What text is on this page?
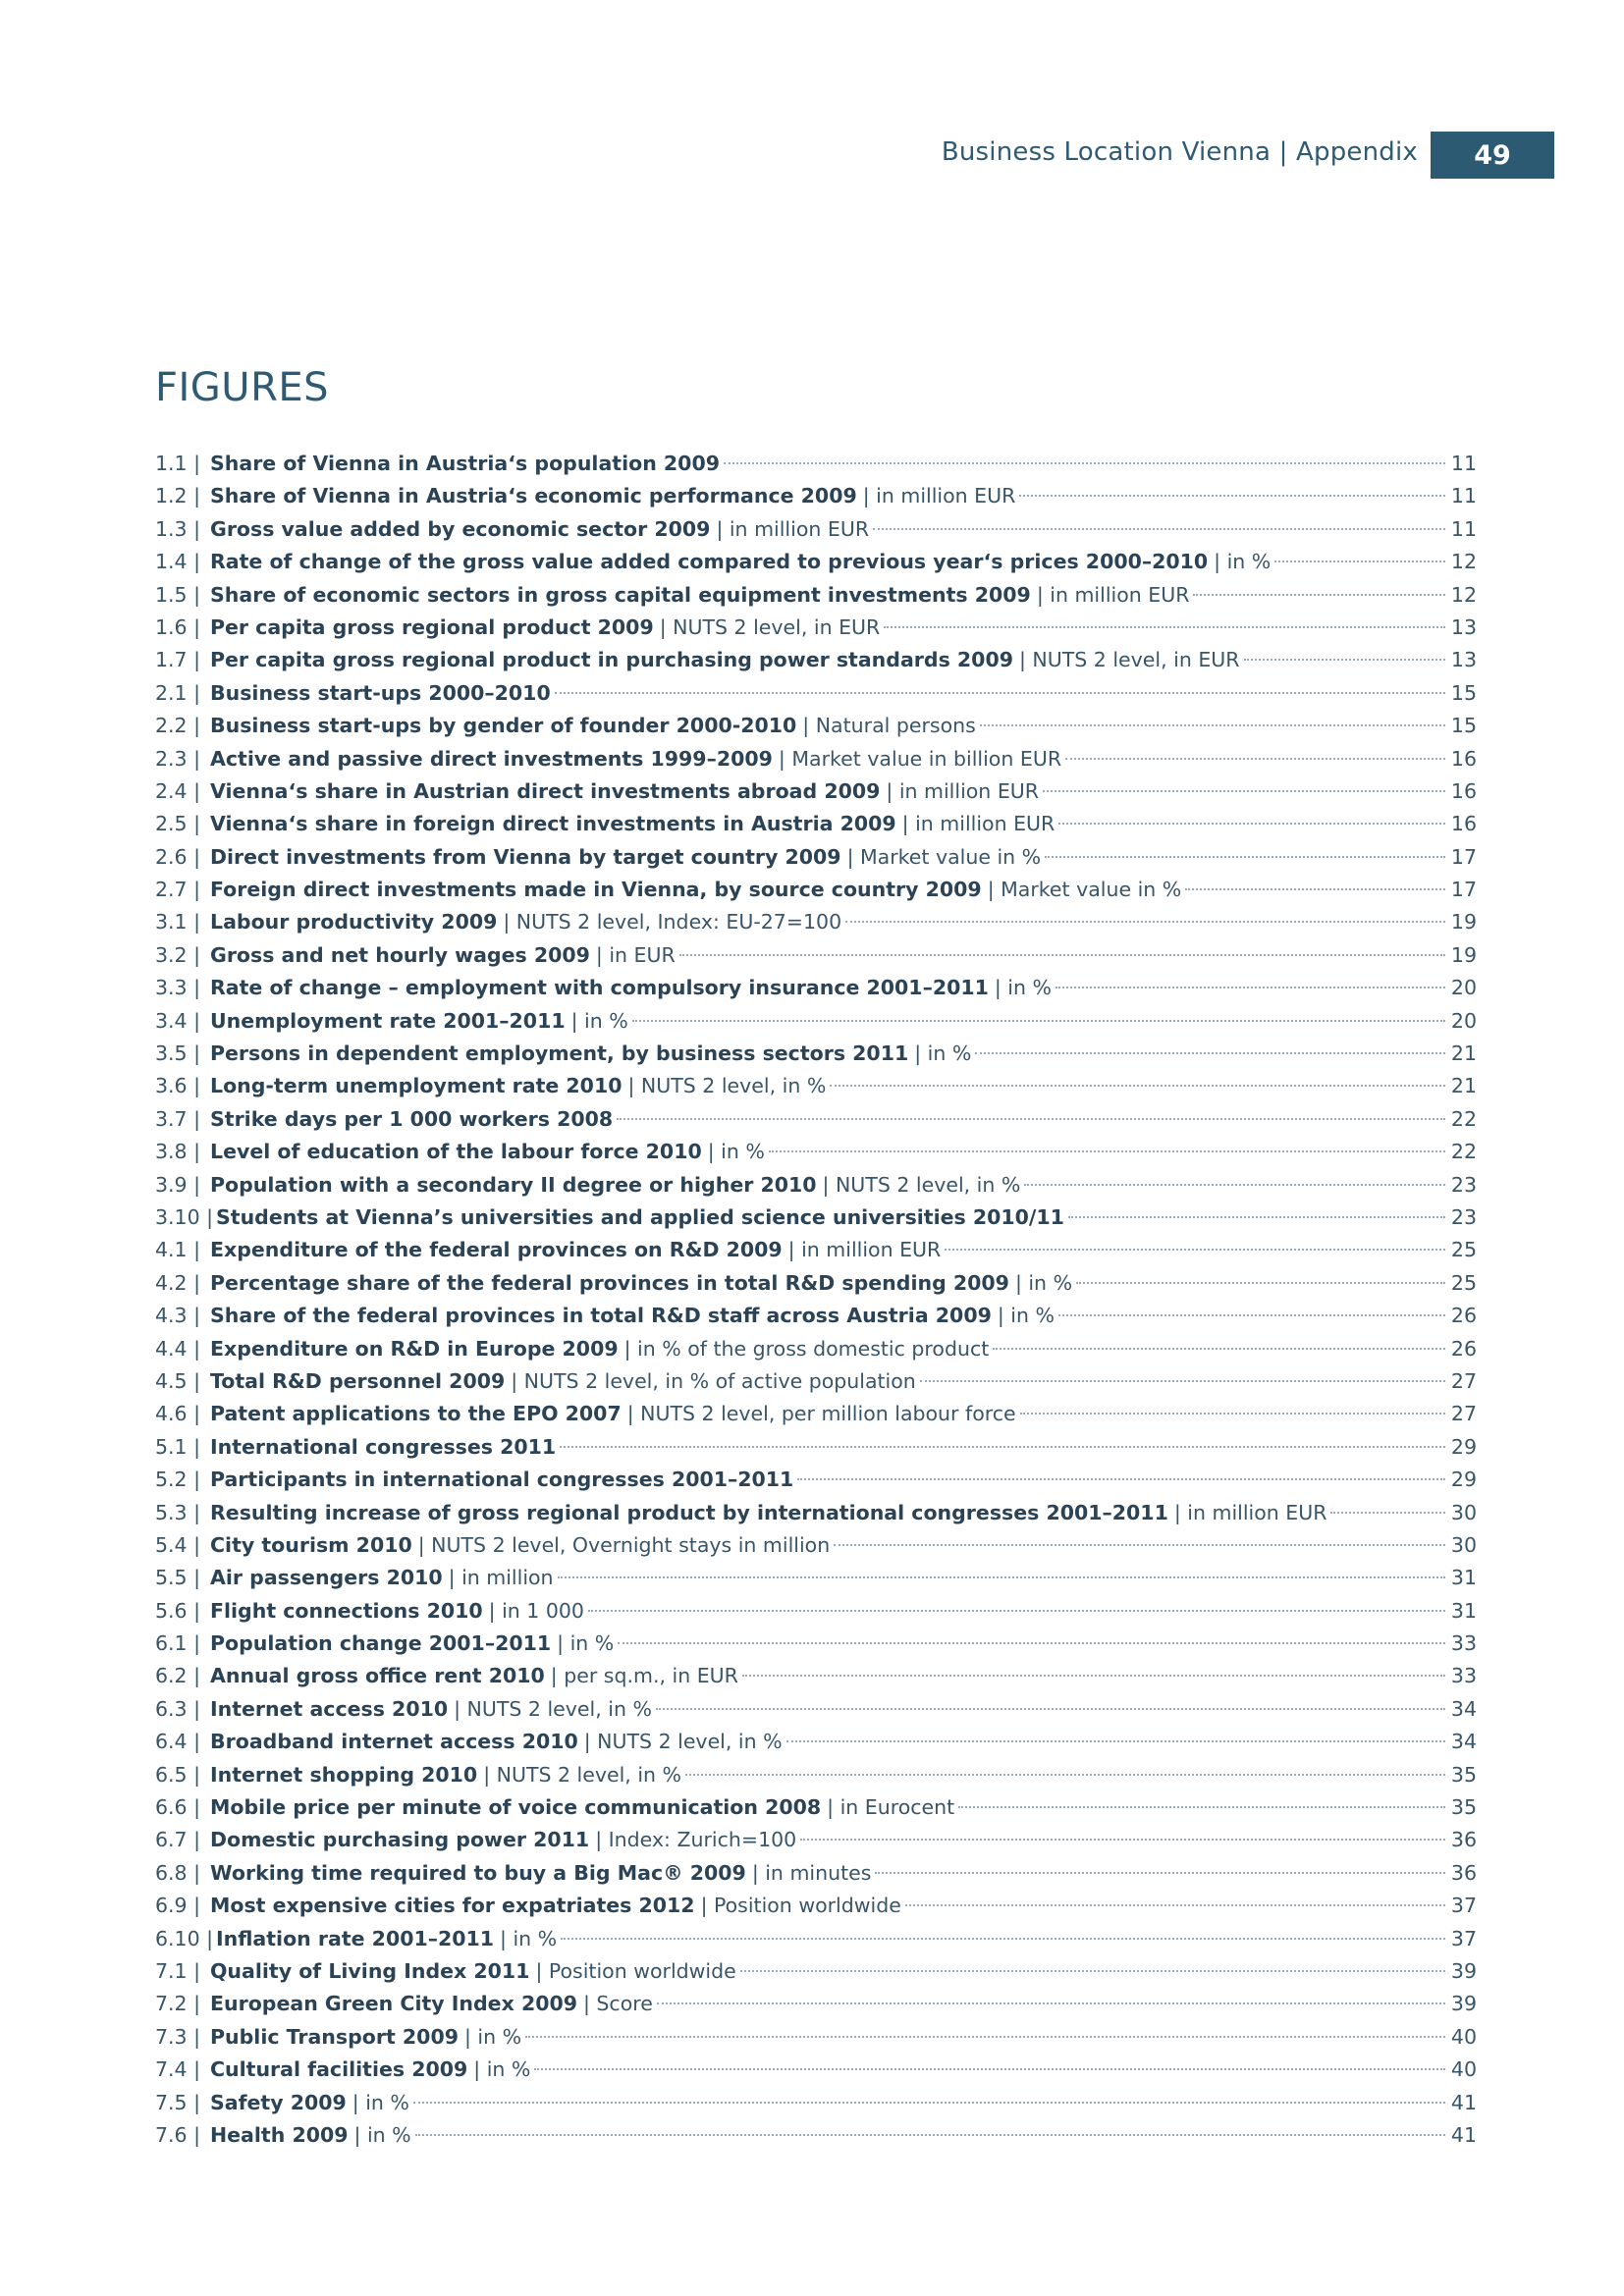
Business Location Vienna | Appendix 49
FIGURES
1.1 | Share of Vienna in Austria‘s population 2009	11
1.2 | Share of Vienna in Austria‘s economic performance 2009 | in million EUR	11
1.3 | Gross value added by economic sector 2009 | in million EUR	11
1.4 | Rate of change of the gross value added compared to previous year‘s prices 2000–2010 | in %	12
1.5 | Share of economic sectors in gross capital equipment investments 2009 | in million EUR	12
1.6 | Per capita gross regional product 2009 | NUTS 2 level, in EUR	13
1.7 | Per capita gross regional product in purchasing power standards 2009 | NUTS 2 level, in EUR	13
2.1 | Business start-ups 2000–2010	15
2.2 | Business start-ups by gender of founder 2000-2010 | Natural persons	15
2.3 | Active and passive direct investments 1999–2009 | Market value in billion EUR	16
2.4 | Vienna‘s share in Austrian direct investments abroad 2009 | in million EUR	16
2.5 | Vienna‘s share in foreign direct investments in Austria 2009 | in million EUR	16
2.6 | Direct investments from Vienna by target country 2009 | Market value in %	17
2.7 | Foreign direct investments made in Vienna, by source country 2009 | Market value in %	17
3.1 | Labour productivity 2009 | NUTS 2 level, Index: EU-27=100	19
3.2 | Gross and net hourly wages 2009 | in EUR	19
3.3 | Rate of change – employment with compulsory insurance 2001–2011 | in %	20
3.4 | Unemployment rate 2001–2011 | in %	20
3.5 | Persons in dependent employment, by business sectors 2011 | in %	21
3.6 | Long-term unemployment rate 2010 | NUTS 2 level, in %	21
3.7 | Strike days per 1 000 workers 2008	22
3.8 | Level of education of the labour force 2010 | in %	22
3.9 | Population with a secondary II degree or higher 2010 | NUTS 2 level, in %	23
3.10 | Students at Vienna’s universities and applied science universities 2010/11	23
4.1 | Expenditure of the federal provinces on R&D 2009 | in million EUR	25
4.2 | Percentage share of the federal provinces in total R&D spending 2009 | in %	25
4.3 | Share of the federal provinces in total R&D staff across Austria 2009 | in %	26
4.4 | Expenditure on R&D in Europe 2009 | in % of the gross domestic product	26
4.5 | Total R&D personnel 2009 | NUTS 2 level, in % of active population	27
4.6 | Patent applications to the EPO 2007 | NUTS 2 level, per million labour force	27
5.1 | International congresses 2011	29
5.2 | Participants in international congresses 2001–2011	29
5.3 | Resulting increase of gross regional product by international congresses 2001–2011 | in million EUR	30
5.4 | City tourism 2010 | NUTS 2 level, Overnight stays in million	30
5.5 | Air passengers 2010 | in million	31
5.6 | Flight connections 2010 | in 1 000	31
6.1 | Population change 2001–2011 | in %	33
6.2 | Annual gross office rent 2010 | per sq.m., in EUR	33
6.3 | Internet access 2010 | NUTS 2 level, in %	34
6.4 | Broadband internet access 2010 | NUTS 2 level, in %	34
6.5 | Internet shopping 2010 | NUTS 2 level, in %	35
6.6 | Mobile price per minute of voice communication 2008 | in Eurocent	35
6.7 | Domestic purchasing power 2011 | Index: Zurich=100	36
6.8 | Working time required to buy a Big Mac® 2009 | in minutes	36
6.9 | Most expensive cities for expatriates 2012 | Position worldwide	37
6.10 | Inflation rate 2001–2011 | in %	37
7.1 | Quality of Living Index 2011 | Position worldwide	39
7.2 | European Green City Index 2009 | Score	39
7.3 | Public Transport 2009 | in %	40
7.4 | Cultural facilities 2009 | in %	40
7.5 | Safety 2009 | in %	41
7.6 | Health 2009 | in %	41
